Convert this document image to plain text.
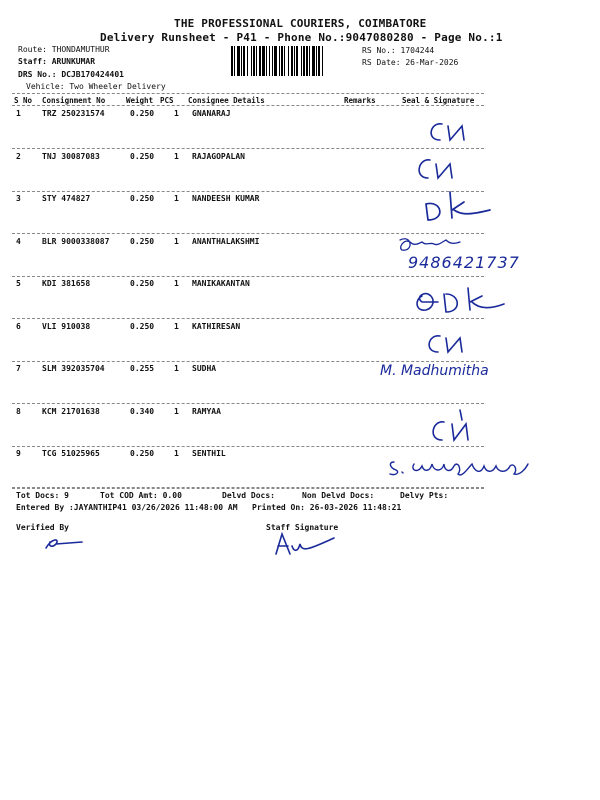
THE PROFESSIONAL COURIERS, COIMBATORE
Delivery Runsheet - P41 - Phone No.:9047080280 - Page No.:1
Route: THONDAMUTHUR
Staff: ARUNKUMAR
DRS No.: DCJB170424401
Vehicle: Two Wheeler Delivery
RS No.: 1704244
RS Date: 26-Mar-2026
S No Consignment No	Weight PCS Consignee Details	Remarks	Seal & Signature
1	TRZ 250231574	0.250 1 GNANARAJ
2	TNJ 30087083	0.250 1 RAJAGOPALAN
3	STY 474827	0.250 1 NANDEESH KUMAR
4	BLR 9000338087	0.250 1 ANANTHALAKSHMI
5	KDI 381658	0.250 1 MANIKAKANTAN
6	VLI 910038	0.250 1 KATHIRESAN
7	SLM 392035704	0.255 1 SUDHA
8	KCM 21701638	0.340 1 RAMYAA
9	TCG 51025965	0.250 1 SENTHIL
9486421737
M. Madhumitha
Tot Docs: 9	Tot COD Amt: 0.00	Delvd Docs:	Non Delvd Docs:	Delvy Pts:
Entered By :JAYANTHIP41 03/26/2026 11:48:00 AM Printed On: 26-03-2026 11:48:21
Verified By	Staff Signature
